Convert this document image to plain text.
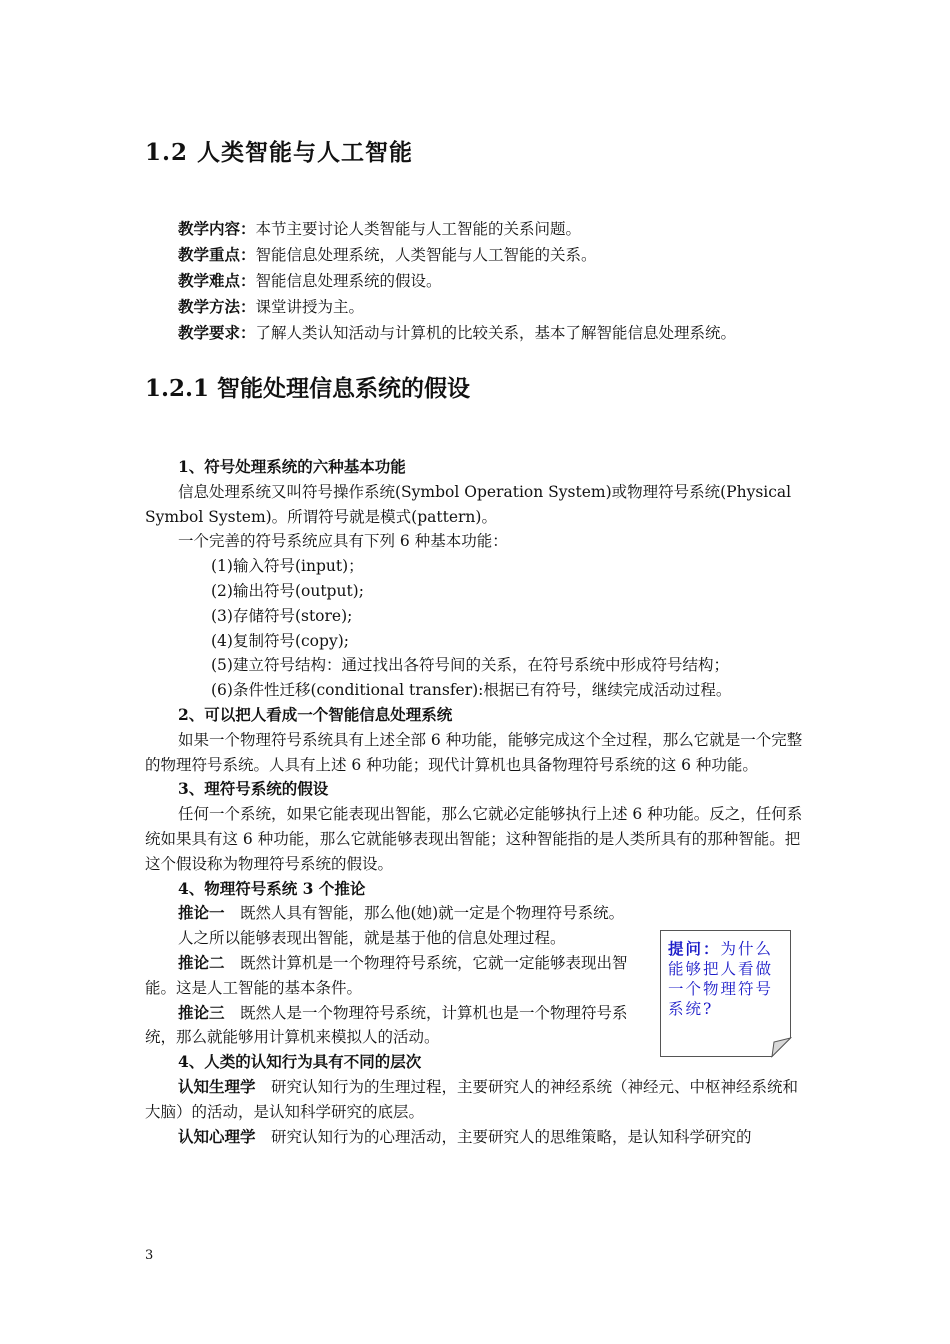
1.2 人类智能与人工智能
教学内容：本节主要讨论人类智能与人工智能的关系问题。
教学重点：智能信息处理系统，人类智能与人工智能的关系。
教学难点：智能信息处理系统的假设。
教学方法：课堂讲授为主。
教学要求：了解人类认知活动与计算机的比较关系，基本了解智能信息处理系统。
1.2.1 智能处理信息系统的假设

1、符号处理系统的六种基本功能

信息处理系统又叫符号操作系统(Symbol Operation System)或物理符号系统(Physical Symbol System)。所谓符号就是模式(pattern)。

一个完善的符号系统应具有下列 6 种基本功能：

(1)输入符号(input)；

(2)输出符号(output);

(3)存储符号(store);

(4)复制符号(copy);

(5)建立符号结构：通过找出各符号间的关系，在符号系统中形成符号结构；

(6)条件性迁移(conditional transfer):根据已有符号，继续完成活动过程。

2、可以把人看成一个智能信息处理系统

如果一个物理符号系统具有上述全部 6 种功能，能够完成这个全过程，那么它就是一个完整的物理符号系统。人具有上述 6 种功能；现代计算机也具备物理符号系统的这 6 种功能。

3、理符号系统的假设

任何一个系统，如果它能表现出智能，那么它就必定能够执行上述 6 种功能。反之，任何系统如果具有这 6 种功能，那么它就能够表现出智能；这种智能指的是人类所具有的那种智能。把这个假设称为物理符号系统的假设。

4、物理符号系统 3 个推论

推论一　既然人具有智能，那么他(她)就一定是个物理符号系统。

人之所以能够表现出智能，就是基于他的信息处理过程。

推论二　既然计算机是一个物理符号系统，它就一定能够表现出智能。这是人工智能的基本条件。

推论三　既然人是一个物理符号系统，计算机也是一个物理符号系统，那么就能够用计算机来模拟人的活动。

4、人类的认知行为具有不同的层次

认知生理学　研究认知行为的生理过程，主要研究人的神经系统（神经元、中枢神经系统和大脑）的活动，是认知科学研究的底层。

认知心理学　研究认知行为的心理活动，主要研究人的思维策略，是认知科学研究的

提问：为什么能够把人看做一个物理符号系统?
3
